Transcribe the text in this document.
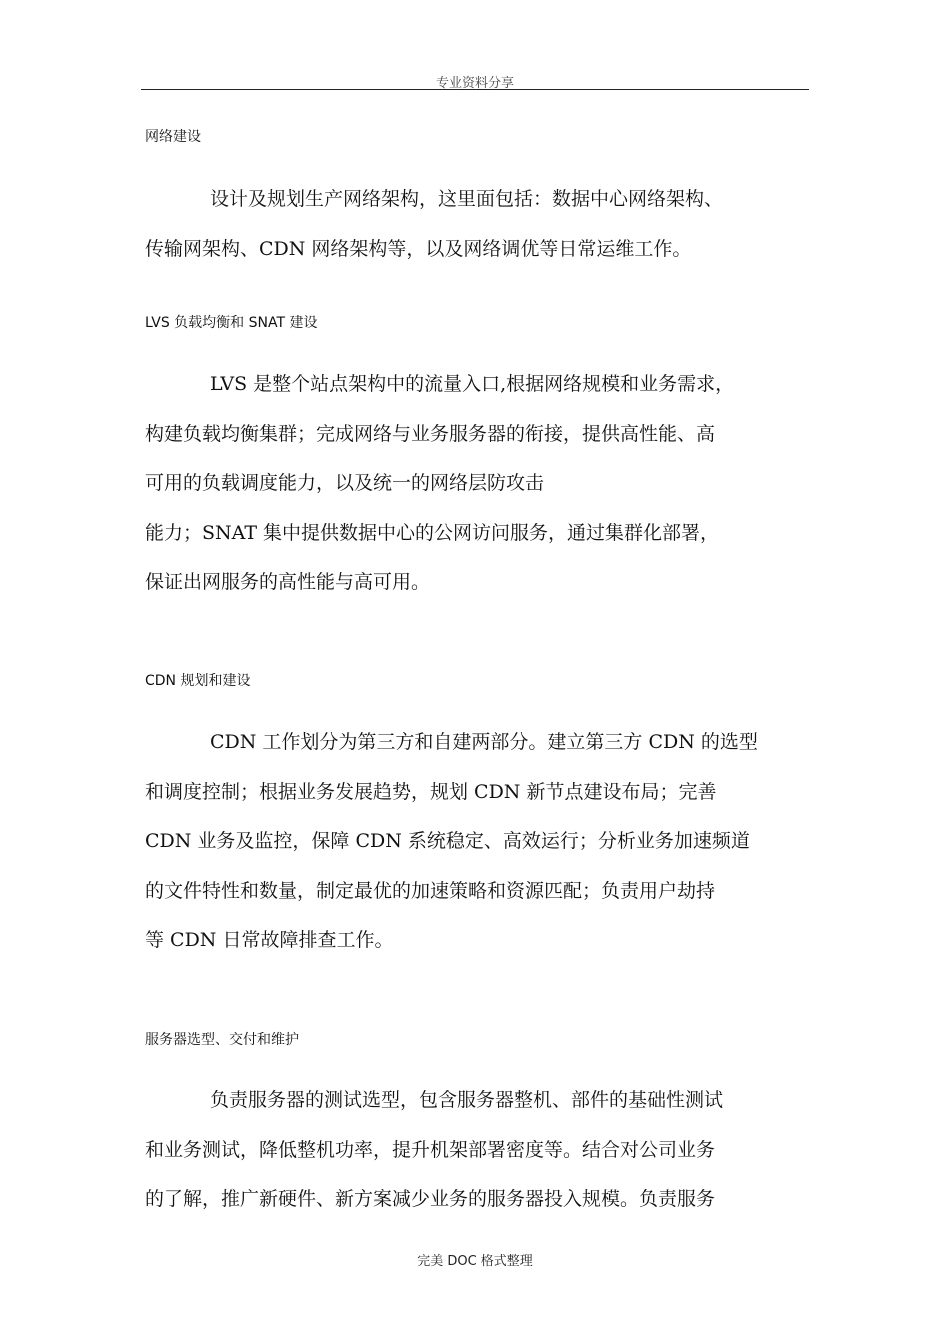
专业资料分享
网络建设
设计及规划生产网络架构，这里面包括：数据中心网络架构、
传输网架构、CDN 网络架构等，以及网络调优等日常运维工作。
LVS 负载均衡和 SNAT 建设
LVS 是整个站点架构中的流量入口,根据网络规模和业务需求，
构建负载均衡集群；完成网络与业务服务器的衔接，提供高性能、高
可用的负载调度能力，以及统一的网络层防攻击
能力；SNAT 集中提供数据中心的公网访问服务，通过集群化部署，
保证出网服务的高性能与高可用。
CDN 规划和建设
CDN 工作划分为第三方和自建两部分。建立第三方 CDN 的选型
和调度控制；根据业务发展趋势，规划 CDN 新节点建设布局；完善
CDN 业务及监控，保障 CDN 系统稳定、高效运行；分析业务加速频道
的文件特性和数量，制定最优的加速策略和资源匹配；负责用户劫持
等 CDN 日常故障排查工作。
服务器选型、交付和维护
负责服务器的测试选型，包含服务器整机、部件的基础性测试
和业务测试，降低整机功率，提升机架部署密度等。结合对公司业务
的了解，推广新硬件、新方案减少业务的服务器投入规模。负责服务
完美 DOC 格式整理
